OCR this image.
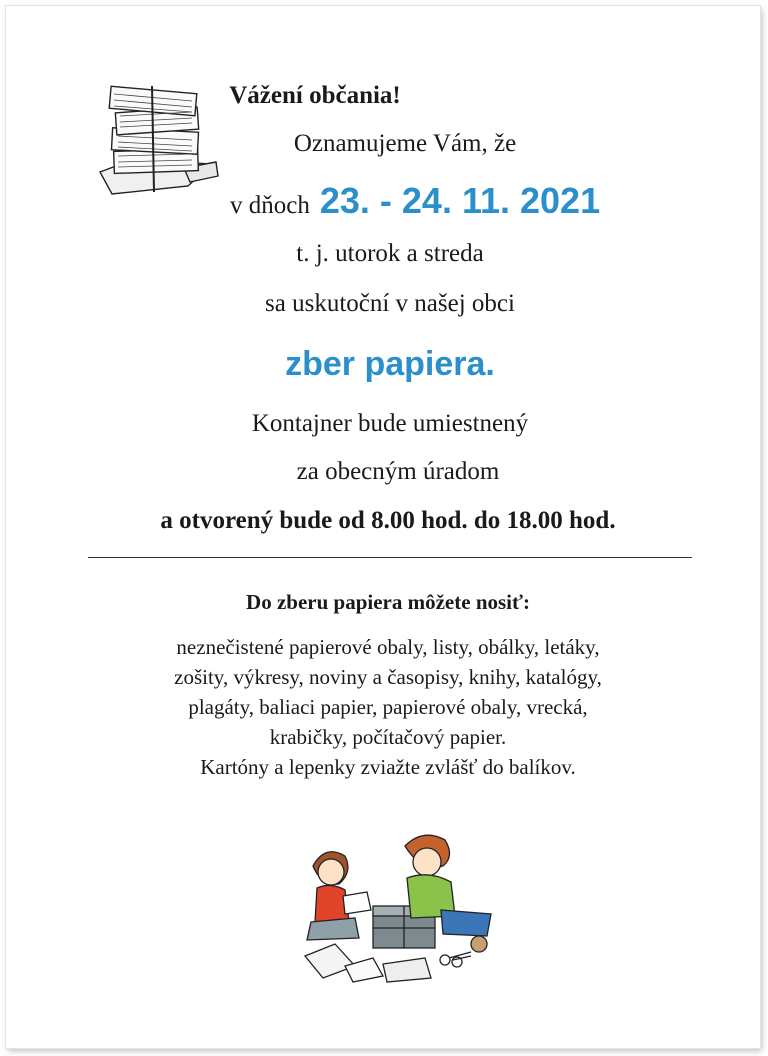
Vážení občania!
Oznamujeme Vám, že
v dňoch 23. - 24. 11. 2021
t. j. utorok a streda
sa uskutoční v našej obci
zber papiera.
Kontajner bude umiestnený
za obecným úradom
a otvorený bude od 8.00 hod. do 18.00 hod.
Do zberu papiera môžete nosiť:
neznečistené papierové obaly, listy, obálky, letáky,
zošity, výkresy, noviny a časopisy, knihy, katalógy,
plagáty, baliaci papier, papierové obaly, vrecká,
krabičky, počítačový papier.
Kartóny a lepenky zviažte zvlášť do balíkov.
